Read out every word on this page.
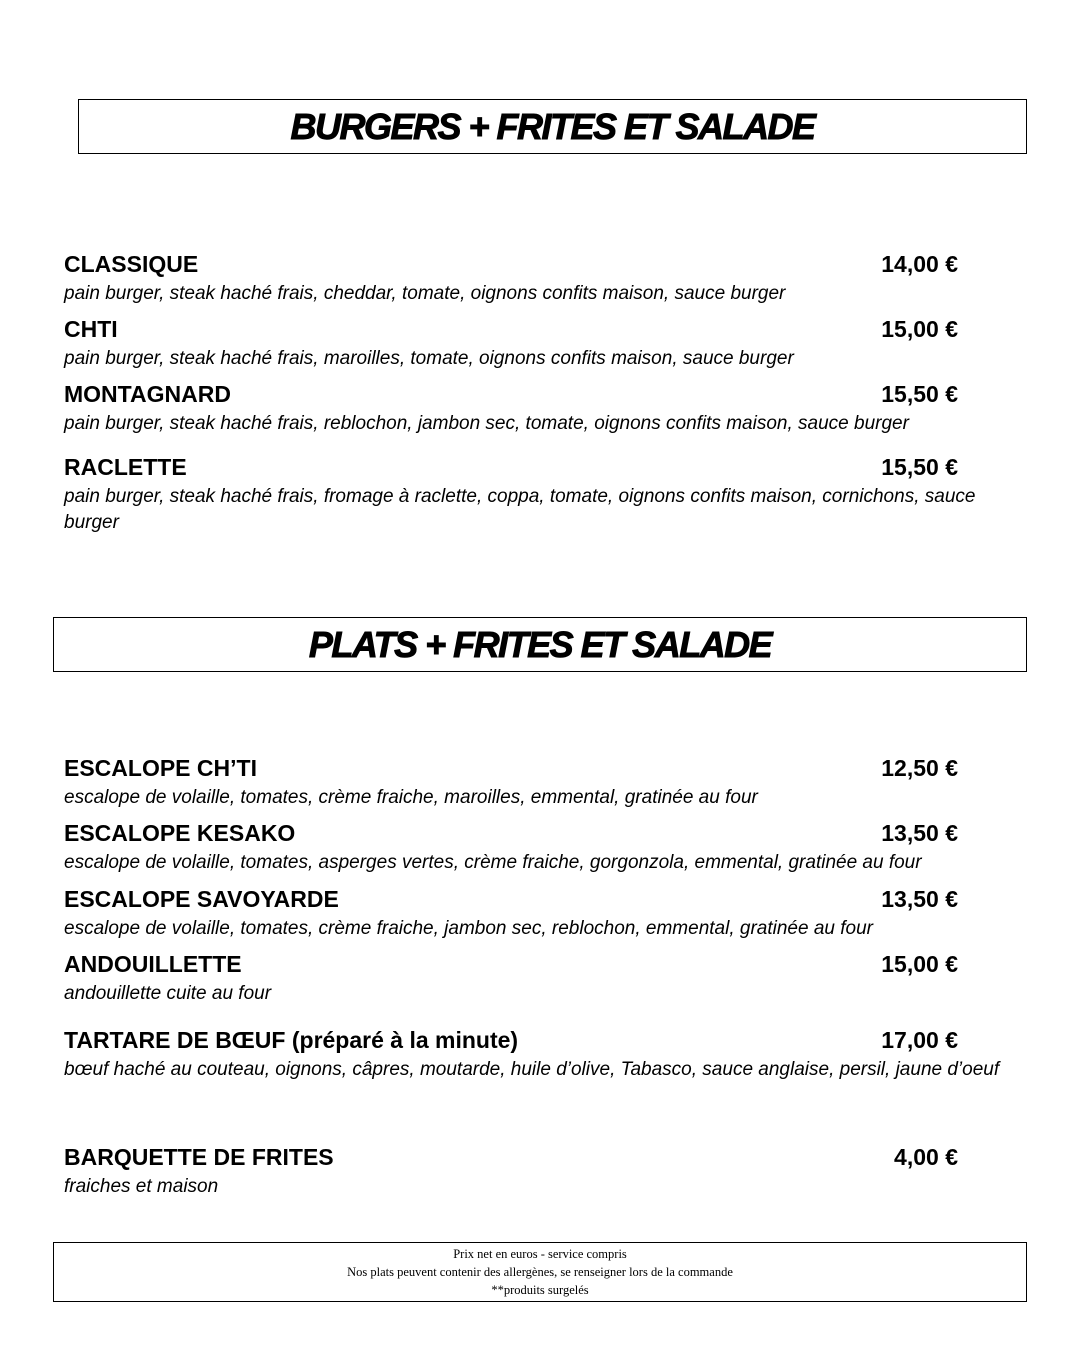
BURGERS + FRITES ET SALADE
CLASSIQUE	14,00 €
pain burger, steak haché frais, cheddar, tomate, oignons confits maison, sauce burger
CHTI	15,00 €
pain burger, steak haché frais, maroilles, tomate, oignons confits maison, sauce burger
MONTAGNARD	15,50 €
pain burger, steak haché frais, reblochon, jambon sec, tomate, oignons confits maison, sauce burger
RACLETTE	15,50 €
pain burger, steak haché frais, fromage à raclette, coppa, tomate, oignons confits maison, cornichons, sauce burger
PLATS + FRITES ET SALADE
ESCALOPE CH’TI	12,50 €
escalope de volaille, tomates, crème fraiche, maroilles, emmental, gratinée au four
ESCALOPE KESAKO	13,50 €
escalope de volaille, tomates, asperges vertes, crème fraiche, gorgonzola, emmental, gratinée au four
ESCALOPE SAVOYARDE	13,50 €
escalope de volaille, tomates, crème fraiche, jambon sec, reblochon, emmental, gratinée au four
ANDOUILLETTE	15,00 €
andouillette cuite au four
TARTARE DE BŒUF (préparé à la minute)	17,00 €
bœuf haché au couteau, oignons, câpres, moutarde, huile d’olive, Tabasco, sauce anglaise, persil, jaune d’oeuf
BARQUETTE DE FRITES	4,00 €
fraiches et maison
Prix net en euros - service compris
Nos plats peuvent contenir des allergènes, se renseigner lors de la commande
**produits surgelés
